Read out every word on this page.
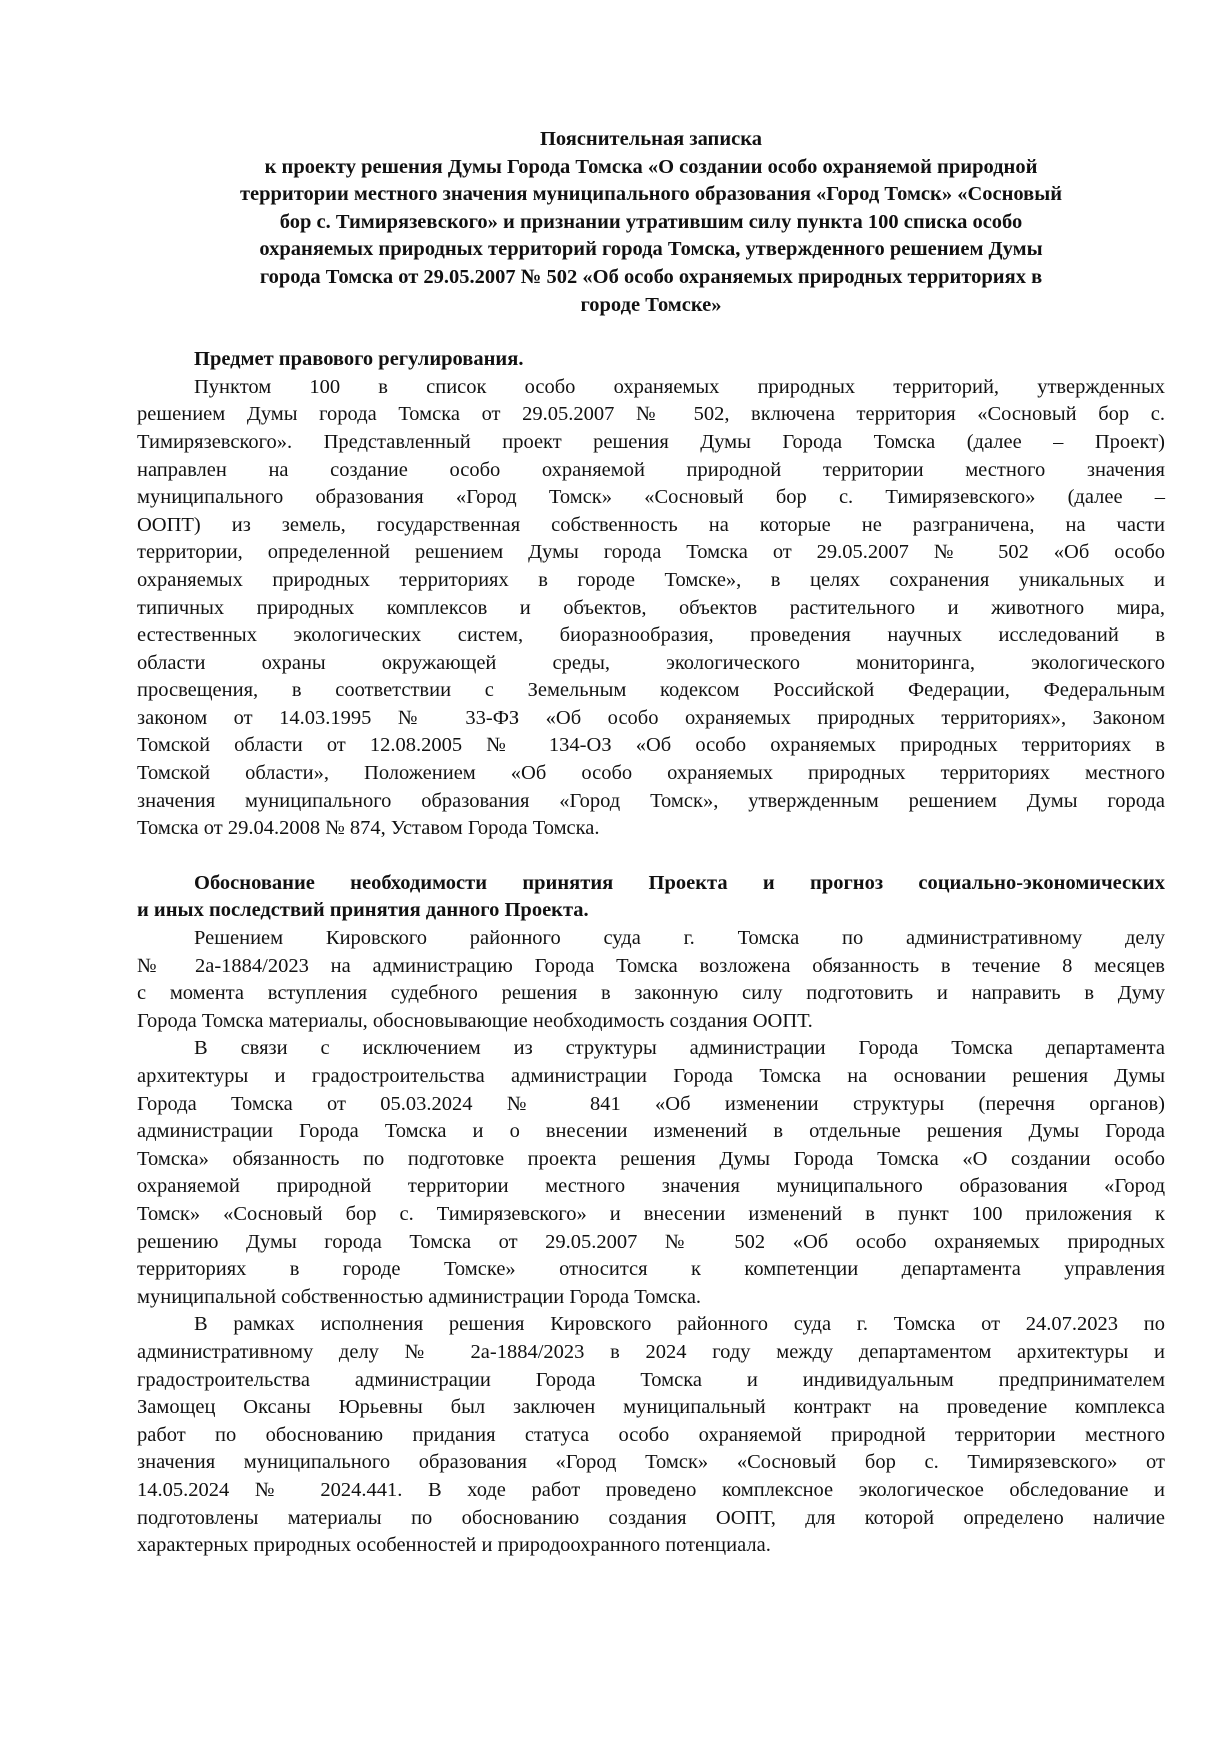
Пояснительная записка
к проекту решения Думы Города Томска «О создании особо охраняемой природной
территории местного значения муниципального образования «Город Томск» «Сосновый
бор с. Тимирязевского» и признании утратившим силу пункта 100 списка особо
охраняемых природных территорий города Томска, утвержденного решением Думы
города Томска от 29.05.2007 № 502 «Об особо охраняемых природных территориях в
городе Томске»
Предмет правового регулирования.
Пунктом 100 в список особо охраняемых природных территорий, утвержденных
решением Думы города Томска от 29.05.2007 № 502, включена территория «Сосновый бор с.
Тимирязевского». Представленный проект решения Думы Города Томска (далее – Проект)
направлен на создание особо охраняемой природной территории местного значения
муниципального образования «Город Томск» «Сосновый бор с. Тимирязевского» (далее –
ООПТ) из земель, государственная собственность на которые не разграничена, на части
территории, определенной решением Думы города Томска от 29.05.2007 № 502 «Об особо
охраняемых природных территориях в городе Томске», в целях сохранения уникальных и
типичных природных комплексов и объектов, объектов растительного и животного мира,
естественных экологических систем, биоразнообразия, проведения научных исследований в
области охраны окружающей среды, экологического мониторинга, экологического
просвещения, в соответствии с Земельным кодексом Российской Федерации, Федеральным
законом от 14.03.1995 № 33-ФЗ «Об особо охраняемых природных территориях», Законом
Томской области от 12.08.2005 № 134-ОЗ «Об особо охраняемых природных территориях в
Томской области», Положением «Об особо охраняемых природных территориях местного
значения муниципального образования «Город Томск», утвержденным решением Думы города
Томска от 29.04.2008 № 874, Уставом Города Томска.
Обоснование необходимости принятия Проекта и прогноз социально-экономических
и иных последствий принятия данного Проекта.
Решением Кировского районного суда г. Томска по административному делу
№ 2а-1884/2023 на администрацию Города Томска возложена обязанность в течение 8 месяцев
с момента вступления судебного решения в законную силу подготовить и направить в Думу
Города Томска материалы, обосновывающие необходимость создания ООПТ.
В связи с исключением из структуры администрации Города Томска департамента
архитектуры и градостроительства администрации Города Томска на основании решения Думы
Города Томска от 05.03.2024 № 841 «Об изменении структуры (перечня органов)
администрации Города Томска и о внесении изменений в отдельные решения Думы Города
Томска» обязанность по подготовке проекта решения Думы Города Томска «О создании особо
охраняемой природной территории местного значения муниципального образования «Город
Томск» «Сосновый бор с. Тимирязевского» и внесении изменений в пункт 100 приложения к
решению Думы города Томска от 29.05.2007 № 502 «Об особо охраняемых природных
территориях в городе Томске» относится к компетенции департамента управления
муниципальной собственностью администрации Города Томска.
В рамках исполнения решения Кировского районного суда г. Томска от 24.07.2023 по
административному делу № 2а-1884/2023 в 2024 году между департаментом архитектуры и
градостроительства администрации Города Томска и индивидуальным предпринимателем
Замощец Оксаны Юрьевны был заключен муниципальный контракт на проведение комплекса
работ по обоснованию придания статуса особо охраняемой природной территории местного
значения муниципального образования «Город Томск» «Сосновый бор с. Тимирязевского» от
14.05.2024 № 2024.441. В ходе работ проведено комплексное экологическое обследование и
подготовлены материалы по обоснованию создания ООПТ, для которой определено наличие
характерных природных особенностей и природоохранного потенциала.
